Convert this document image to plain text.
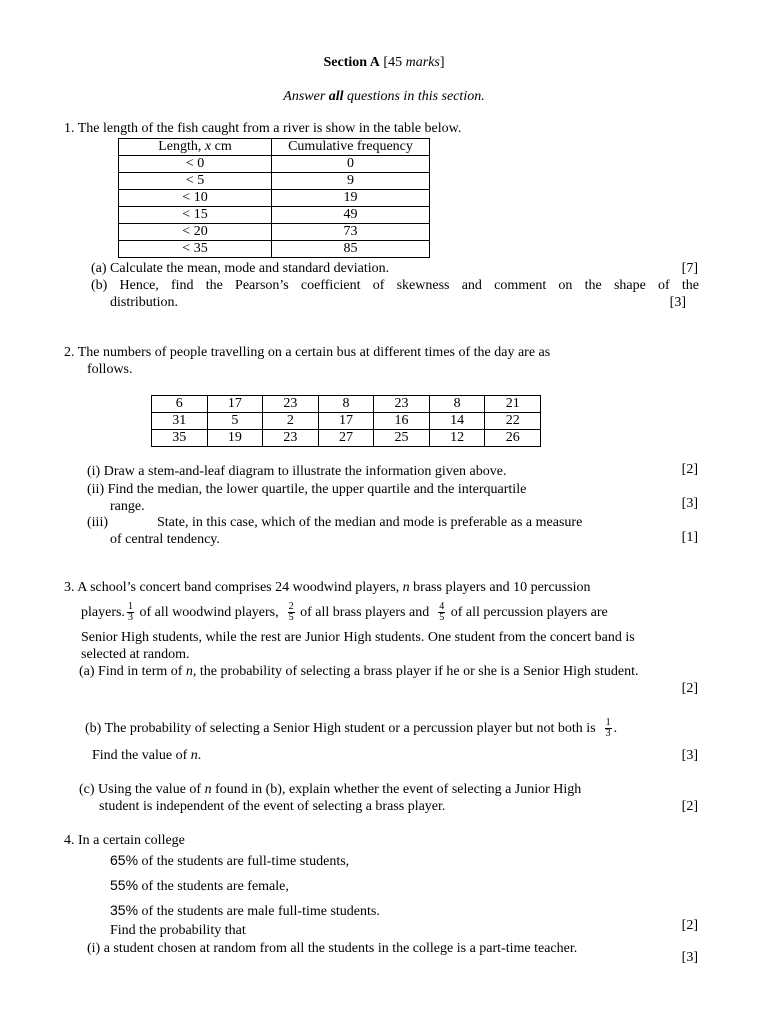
Section A [45 marks]
Answer all questions in this section.
1. The length of the fish caught from a river is show in the table below.
Length, x cm	Cumulative frequency
< 0	0
< 5	9
< 10	19
< 15	49
< 20	73
< 35	85
(a) Calculate the mean, mode and standard deviation.	[7]
(b) Hence, find the Pearson’s coefficient of skewness and comment on the shape of the
distribution.	[3]
2. The numbers of people travelling on a certain bus at different times of the day are as
follows.
6	17	23	8	23	8	21
31	5	2	17	16	14	22
35	19	23	27	25	12	26
(i) Draw a stem-and-leaf diagram to illustrate the information given above.	[2]
(ii) Find the median, the lower quartile, the upper quartile and the interquartile
range.	[3]
(iii)	State, in this case, which of the median and mode is preferable as a measure
of central tendency.	[1]
3. A school’s concert band comprises 24 woodwind players, n brass players and 10 percussion
players. $\frac{1}{3}$ of all woodwind players, $\frac{2}{5}$ of all brass players and $\frac{4}{5}$ of all percussion players are
Senior High students, while the rest are Junior High students. One student from the concert band is
selected at random.
(a) Find in term of n, the probability of selecting a brass player if he or she is a Senior High student.
[2]
(b) The probability of selecting a Senior High student or a percussion player but not both is $\frac{1}{3}$ .
Find the value of n.	[3]
(c) Using the value of n found in (b), explain whether the event of selecting a Junior High
student is independent of the event of selecting a brass player.	[2]
4. In a certain college
65% of the students are full-time students,
55% of the students are female,
35% of the students are male full-time students.
Find the probability that	[2]
(i) a student chosen at random from all the students in the college is a part-time teacher.
[3]
